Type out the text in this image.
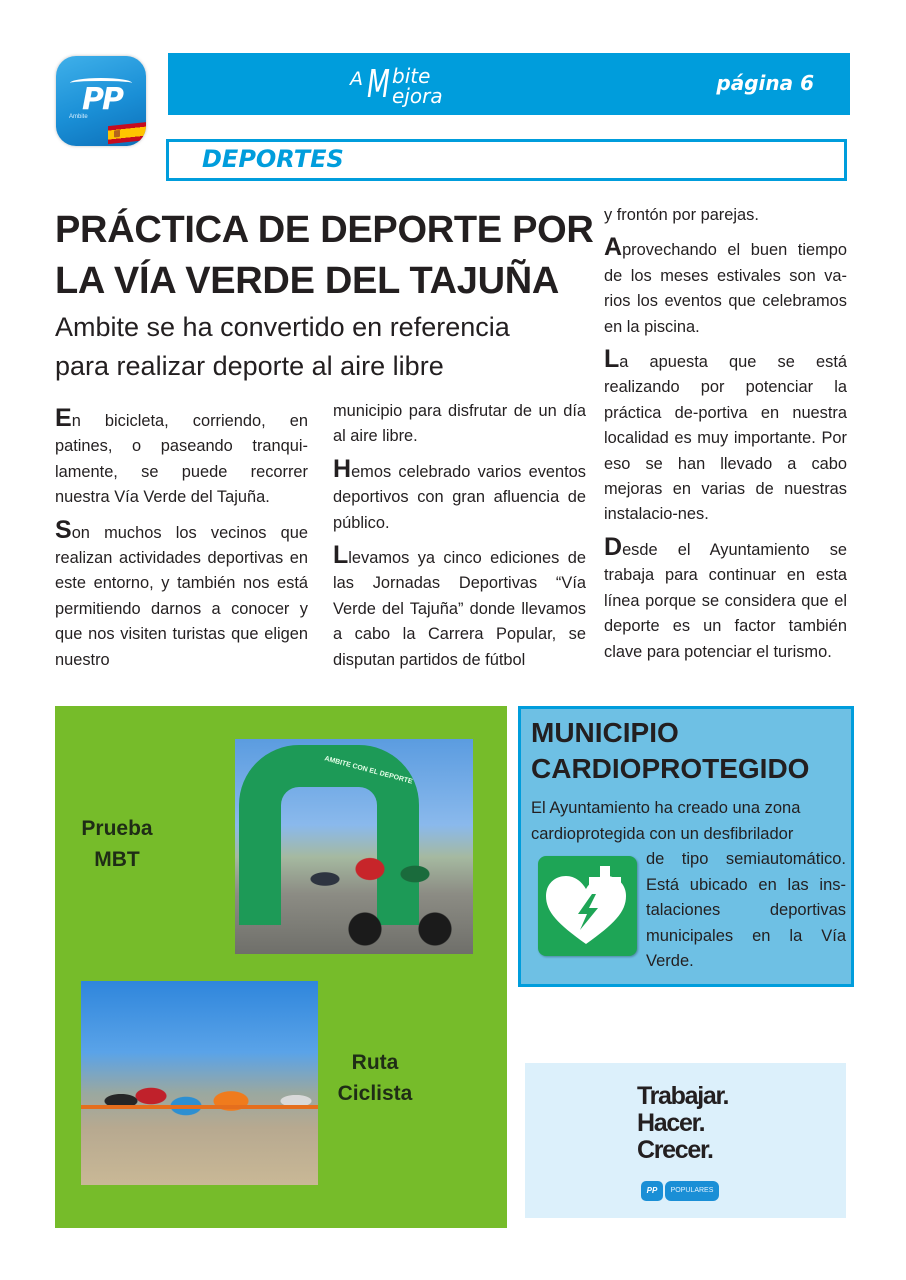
PP
Ambite
A M bite
ejora
página 6
DEPORTES
PRÁCTICA DE DEPORTE POR
LA VÍA VERDE DEL TAJUÑA
Ambite se ha convertido en referencia
para realizar deporte al aire libre

En bicicleta, corriendo, en patines, o paseando tranqui-lamente, se puede recorrer nuestra Vía Verde del Tajuña.

Son muchos los vecinos que realizan actividades deportivas en este entorno, y también nos está permitiendo darnos a conocer y que nos visiten turistas que eligen nuestro

municipio para disfrutar de un día al aire libre.

Hemos celebrado varios eventos deportivos con gran afluencia de público.

Llevamos ya cinco ediciones de las Jornadas Deportivas “Vía Verde del Tajuña” donde llevamos a cabo la Carrera Popular, se disputan partidos de fútbol

y frontón por parejas.

Aprovechando el buen tiempo de los meses estivales son va-rios los eventos que celebramos en la piscina.

La apuesta que se está realizando por potenciar la práctica de-portiva en nuestra localidad es muy importante. Por eso se han llevado a cabo mejoras en varias de nuestras instalacio-nes.

Desde el Ayuntamiento se trabaja para continuar en esta línea porque se considera que el deporte es un factor también clave para potenciar el turismo.

AMBITE CON EL DEPORTE
Prueba
MBT
Ruta
Ciclista
MUNICIPIO
CARDIOPROTEGIDO
El Ayuntamiento ha creado una zona cardioprotegida con un desfibrilador
de tipo semiautomático. Está ubicado en las ins-talaciones deportivas municipales en la Vía Verde.
Trabajar.
Hacer.
Crecer.
PP	POPULARES
